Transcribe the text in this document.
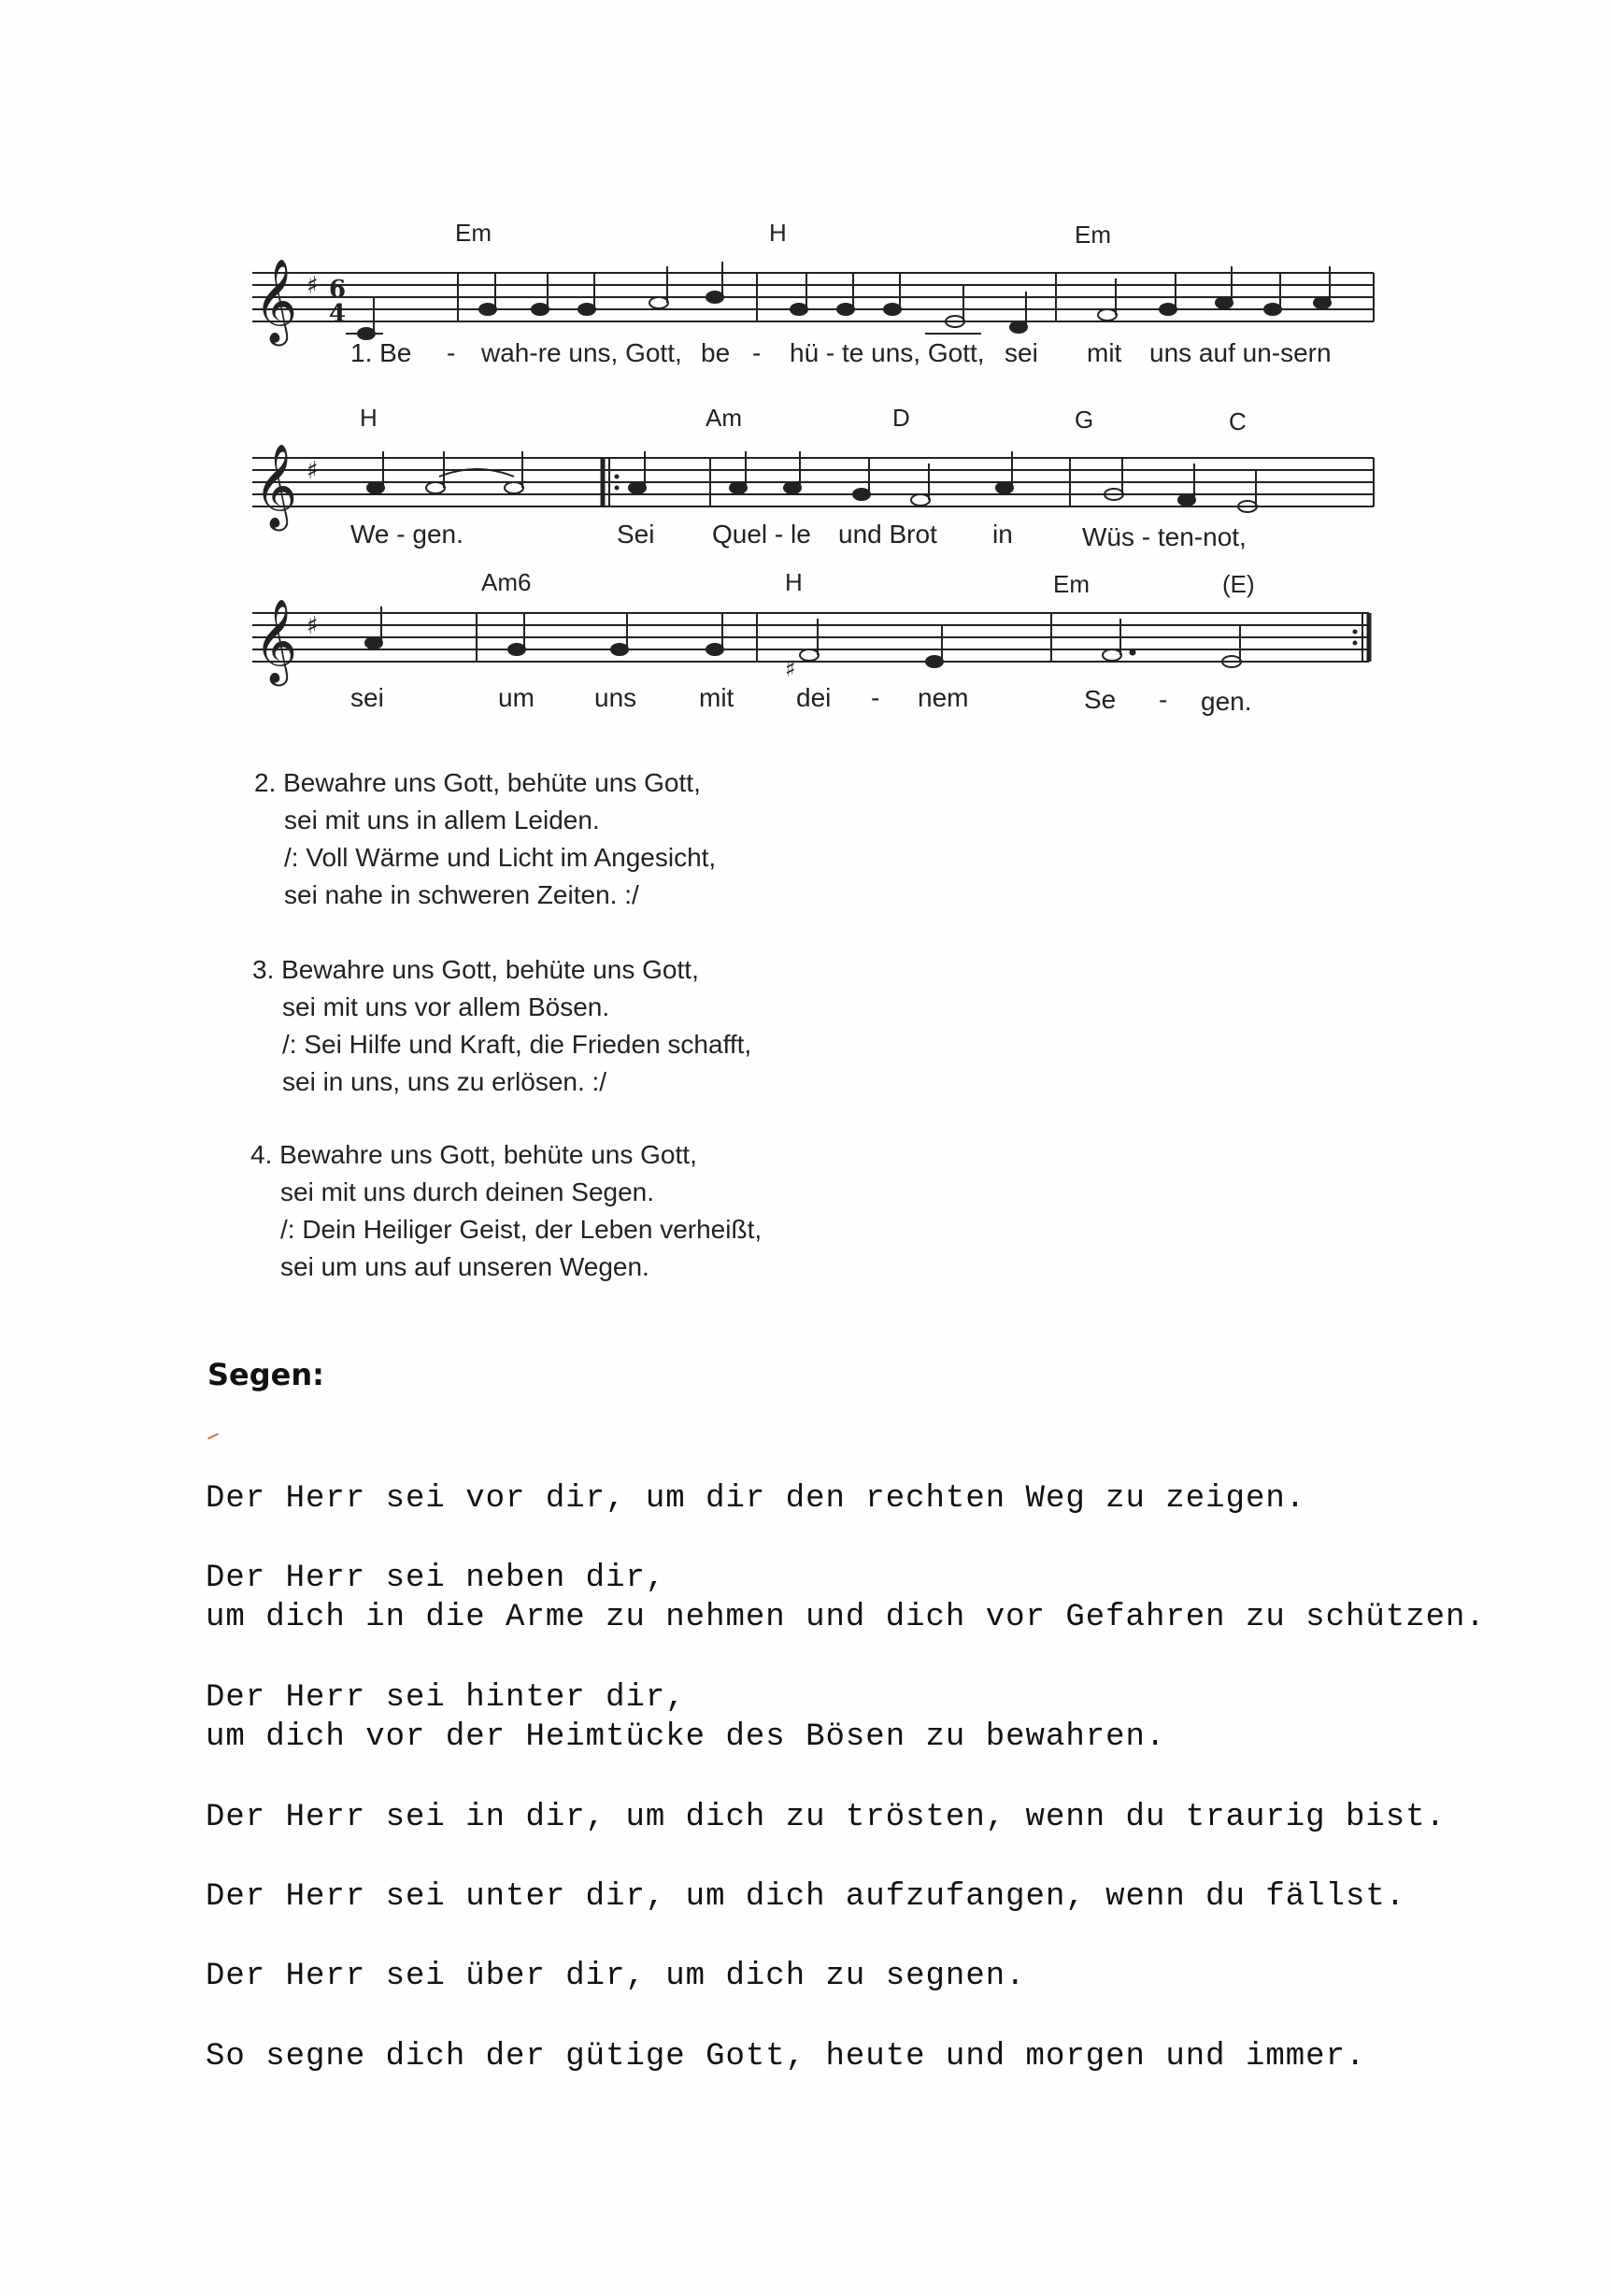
𝄞 ♯ 6
4
Em	H	Em
1. Be - wah-re uns, Gott, be - hü - te uns, Gott, sei mit uns auf un-sern
𝄞 ♯
H	Am	D	G	C
We - gen.	Sei Quel - le und Brot in	Wüs - ten-not,
𝄞 ♯
♯
Am6	H	Em	(E)
sei	um uns mit dei - nem	Se - gen.
2. Bewahre uns Gott, behüte uns Gott,
sei mit uns in allem Leiden.
/: Voll Wärme und Licht im Angesicht,
sei nahe in schweren Zeiten. :/
3. Bewahre uns Gott, behüte uns Gott,
sei mit uns vor allem Bösen.
/: Sei Hilfe und Kraft, die Frieden schafft,
sei in uns, uns zu erlösen. :/
4. Bewahre uns Gott, behüte uns Gott,
sei mit uns durch deinen Segen.
/: Dein Heiliger Geist, der Leben verheißt,
sei um uns auf unseren Wegen.
Segen:
Der Herr sei vor dir, um dir den rechten Weg zu zeigen.
Der Herr sei neben dir,
um dich in die Arme zu nehmen und dich vor Gefahren zu schützen.
Der Herr sei hinter dir,
um dich vor der Heimtücke des Bösen zu bewahren.
Der Herr sei in dir, um dich zu trösten, wenn du traurig bist.
Der Herr sei unter dir, um dich aufzufangen, wenn du fällst.
Der Herr sei über dir, um dich zu segnen.
So segne dich der gütige Gott, heute und morgen und immer.
